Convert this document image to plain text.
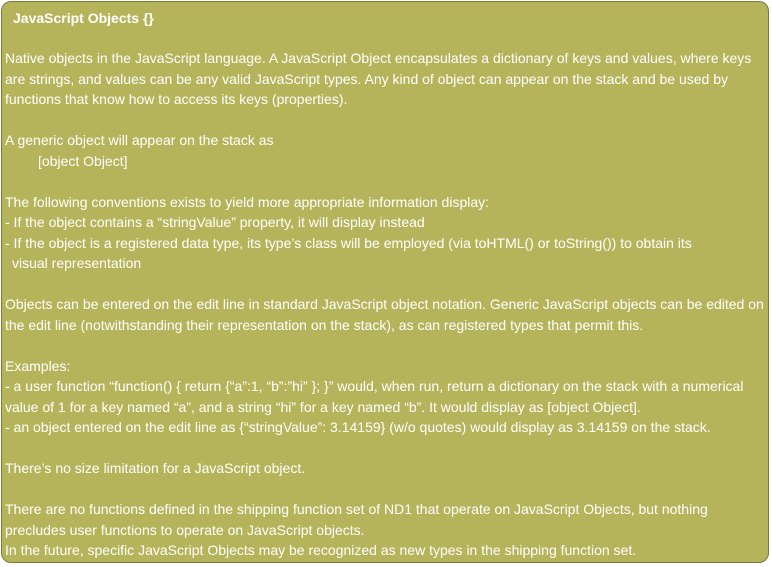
JavaScript Objects {}

Native objects in the JavaScript language. A JavaScript Object encapsulates a dictionary of keys and values, where keys are strings, and values can be any valid JavaScript types. Any kind of object can appear on the stack and be used by functions that know how to access its keys (properties).

A generic object will appear on the stack as
[object Object]

The following conventions exists to yield more appropriate information display:
- If the object contains a “stringValue” property, it will display instead
- If the object is a registered data type, its type’s class will be employed (via toHTML() or toString()) to obtain its
visual representation

Objects can be entered on the edit line in standard JavaScript object notation. Generic JavaScript objects can be edited on the edit line (notwithstanding their representation on the stack), as can registered types that permit this.

Examples:
- a user function “function() { return {“a”:1, “b”:”hi” }; }” would, when run, return a dictionary on the stack with a numerical value of 1 for a key named “a”, and a string “hi” for a key named “b”. It would display as [object Object].
- an object entered on the edit line as {“stringValue”: 3.14159} (w/o quotes) would display as 3.14159 on the stack.

There’s no size limitation for a JavaScript object.

There are no functions defined in the shipping function set of ND1 that operate on JavaScript Objects, but nothing precludes user functions to operate on JavaScript objects.
In the future, specific JavaScript Objects may be recognized as new types in the shipping function set.
